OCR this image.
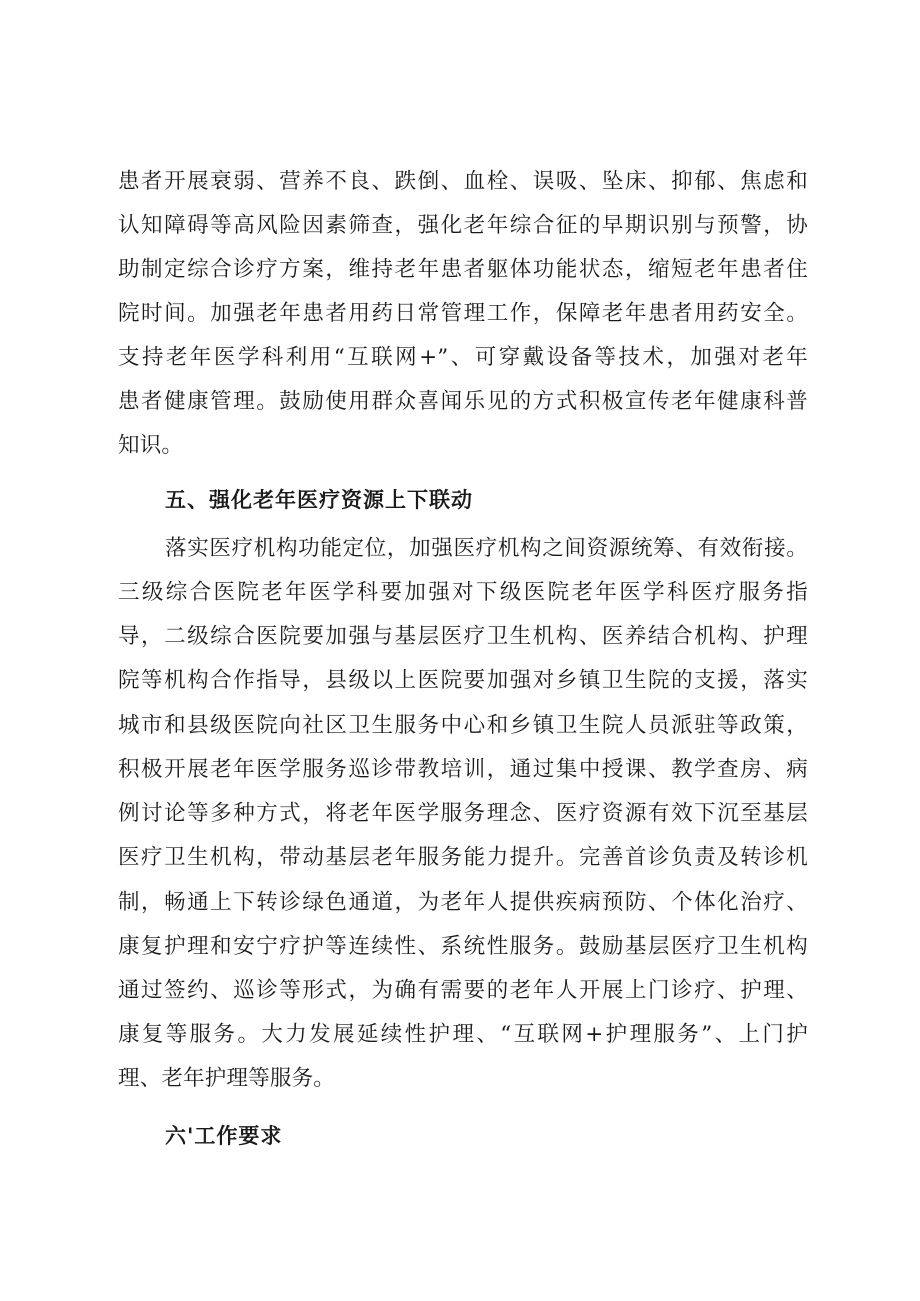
患者开展衰弱、营养不良、跌倒、血栓、误吸、坠床、抑郁、焦虑和
认知障碍等高风险因素筛查，强化老年综合征的早期识别与预警，协
助制定综合诊疗方案，维持老年患者躯体功能状态，缩短老年患者住
院时间。加强老年患者用药日常管理工作，保障老年患者用药安全。
支持老年医学科利用“互联网+”、可穿戴设备等技术，加强对老年
患者健康管理。鼓励使用群众喜闻乐见的方式积极宣传老年健康科普
知识。
五、强化老年医疗资源上下联动
落实医疗机构功能定位，加强医疗机构之间资源统筹、有效衔接。
三级综合医院老年医学科要加强对下级医院老年医学科医疗服务指
导，二级综合医院要加强与基层医疗卫生机构、医养结合机构、护理
院等机构合作指导，县级以上医院要加强对乡镇卫生院的支援，落实
城市和县级医院向社区卫生服务中心和乡镇卫生院人员派驻等政策，
积极开展老年医学服务巡诊带教培训，通过集中授课、教学查房、病
例讨论等多种方式，将老年医学服务理念、医疗资源有效下沉至基层
医疗卫生机构，带动基层老年服务能力提升。完善首诊负责及转诊机
制，畅通上下转诊绿色通道，为老年人提供疾病预防、个体化治疗、
康复护理和安宁疗护等连续性、系统性服务。鼓励基层医疗卫生机构
通过签约、巡诊等形式，为确有需要的老年人开展上门诊疗、护理、
康复等服务。大力发展延续性护理、“互联网+护理服务”、上门护
理、老年护理等服务。
六'工作要求
